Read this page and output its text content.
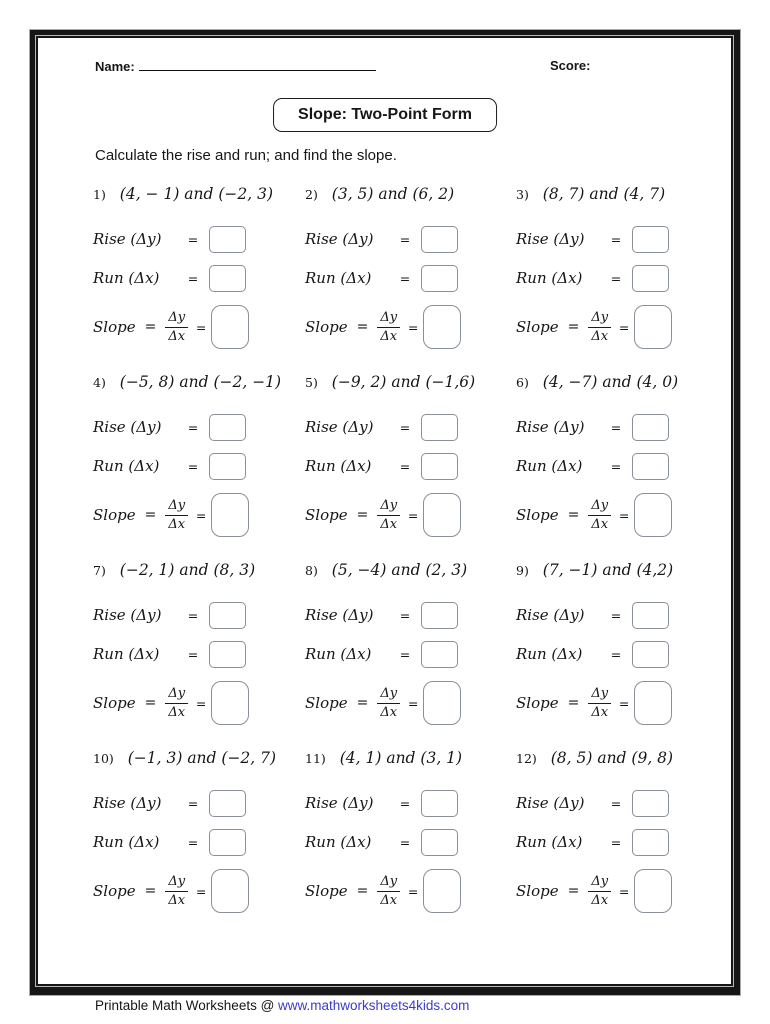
Name:	Score:
Slope: Two-Point Form
Calculate the rise and run; and find the slope.
1) (4, − 1) and (−2, 3)
Rise (Δy)	=
Run (Δx)	=
Slope = $\frac{\Delta y}{\Delta x}$ =
2) (3, 5) and (6, 2)
Rise (Δy)	=
Run (Δx)	=
Slope = $\frac{\Delta y}{\Delta x}$ =
3) (8, 7) and (4, 7)
Rise (Δy)	=
Run (Δx)	=
Slope = $\frac{\Delta y}{\Delta x}$ =
4) (−5, 8) and (−2, −1)
Rise (Δy)	=
Run (Δx)	=
Slope = $\frac{\Delta y}{\Delta x}$ =
5) (−9, 2) and (−1,6)
Rise (Δy)	=
Run (Δx)	=
Slope = $\frac{\Delta y}{\Delta x}$ =
6) (4, −7) and (4, 0)
Rise (Δy)	=
Run (Δx)	=
Slope = $\frac{\Delta y}{\Delta x}$ =
7) (−2, 1) and (8, 3)
Rise (Δy)	=
Run (Δx)	=
Slope = $\frac{\Delta y}{\Delta x}$ =
8) (5, −4) and (2, 3)
Rise (Δy)	=
Run (Δx)	=
Slope = $\frac{\Delta y}{\Delta x}$ =
9) (7, −1) and (4,2)
Rise (Δy)	=
Run (Δx)	=
Slope = $\frac{\Delta y}{\Delta x}$ =
10) (−1, 3) and (−2, 7)
Rise (Δy)	=
Run (Δx)	=
Slope = $\frac{\Delta y}{\Delta x}$ =
11) (4, 1) and (3, 1)
Rise (Δy)	=
Run (Δx)	=
Slope = $\frac{\Delta y}{\Delta x}$ =
12) (8, 5) and (9, 8)
Rise (Δy)	=
Run (Δx)	=
Slope = $\frac{\Delta y}{\Delta x}$ =
Printable Math Worksheets @ www.mathworksheets4kids.com
